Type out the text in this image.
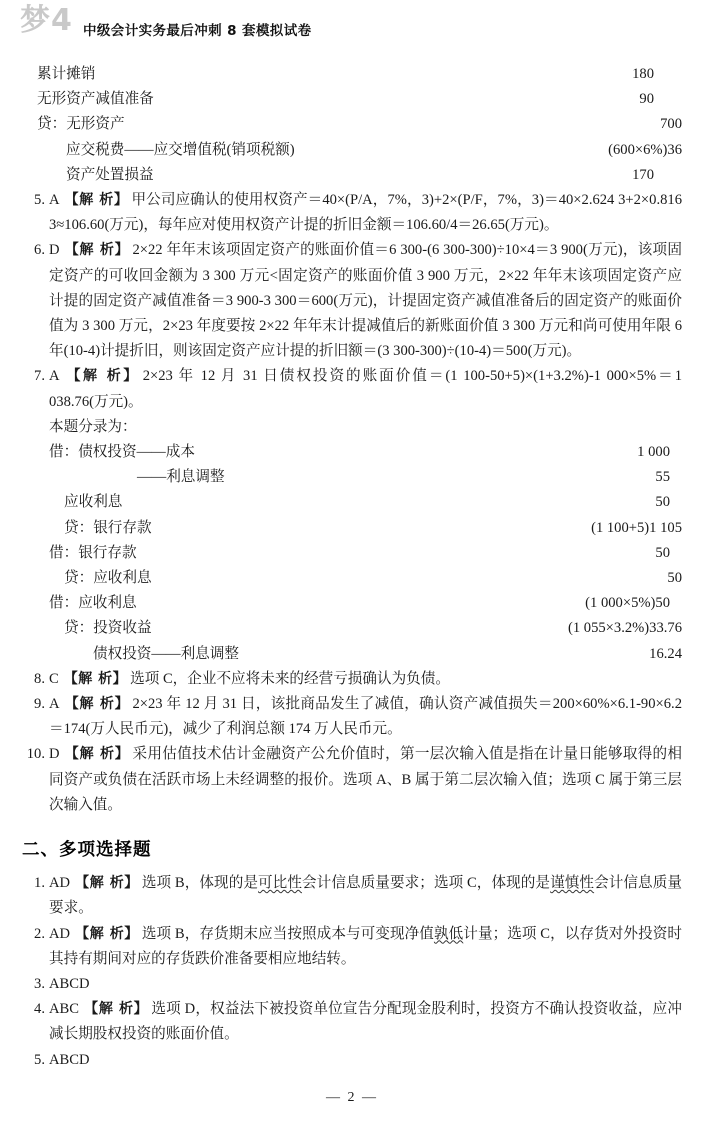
梦4 中级会计实务最后冲刺 8 套模拟试卷
累计摊销	180
无形资产减值准备	90
贷：无形资产	700
应交税费——应交增值税(销项税额)	(600×6%)36
资产处置损益	170
5. A 【解 析】 甲公司应确认的使用权资产＝40×(P/A，7%，3)+2×(P/F，7%，3)＝40×2.624 3+2×0.816 3≈106.60(万元)，每年应对使用权资产计提的折旧金额＝106.60/4＝26.65(万元)。
6. D 【解 析】 2×22 年年末该项固定资产的账面价值＝6 300-(6 300-300)÷10×4＝3 900(万元)，该项固定资产的可收回金额为 3 300 万元<固定资产的账面价值 3 900 万元，2×22 年年末该项固定资产应计提的固定资产减值准备＝3 900-3 300＝600(万元)，计提固定资产减值准备后的固定资产的账面价值为 3 300 万元，2×23 年度要按 2×22 年年末计提减值后的新账面价值 3 300 万元和尚可使用年限 6 年(10-4)计提折旧，则该固定资产应计提的折旧额＝(3 300-300)÷(10-4)＝500(万元)。
7. A 【解 析】 2×23 年 12 月 31 日债权投资的账面价值＝(1 100-50+5)×(1+3.2%)-1 000×5%＝1 038.76(万元)。
本题分录为：
借：债权投资——成本	1 000
——利息调整	55
应收利息	50
贷：银行存款	(1 100+5)1 105
借：银行存款	50
贷：应收利息	50
借：应收利息	(1 000×5%)50
贷：投资收益	(1 055×3.2%)33.76
债权投资——利息调整	16.24
8. C 【解 析】 选项 C，企业不应将未来的经营亏损确认为负债。
9. A 【解 析】 2×23 年 12 月 31 日，该批商品发生了减值，确认资产减值损失＝200×60%×6.1-90×6.2＝174(万人民币元)，减少了利润总额 174 万人民币元。
10. D 【解 析】 采用估值技术估计金融资产公允价值时，第一层次输入值是指在计量日能够取得的相同资产或负债在活跃市场上未经调整的报价。选项 A、B 属于第二层次输入值；选项 C 属于第三层次输入值。
二、多项选择题
1. AD 【解 析】 选项 B，体现的是可比性会计信息质量要求；选项 C，体现的是谨慎性会计信息质量要求。
2. AD 【解 析】 选项 B，存货期末应当按照成本与可变现净值孰低计量；选项 C，以存货对外投资时其持有期间对应的存货跌价准备要相应地结转。
3. ABCD
4. ABC 【解 析】 选项 D，权益法下被投资单位宣告分配现金股利时，投资方不确认投资收益，应冲减长期股权投资的账面价值。
5. ABCD
— 2 —
